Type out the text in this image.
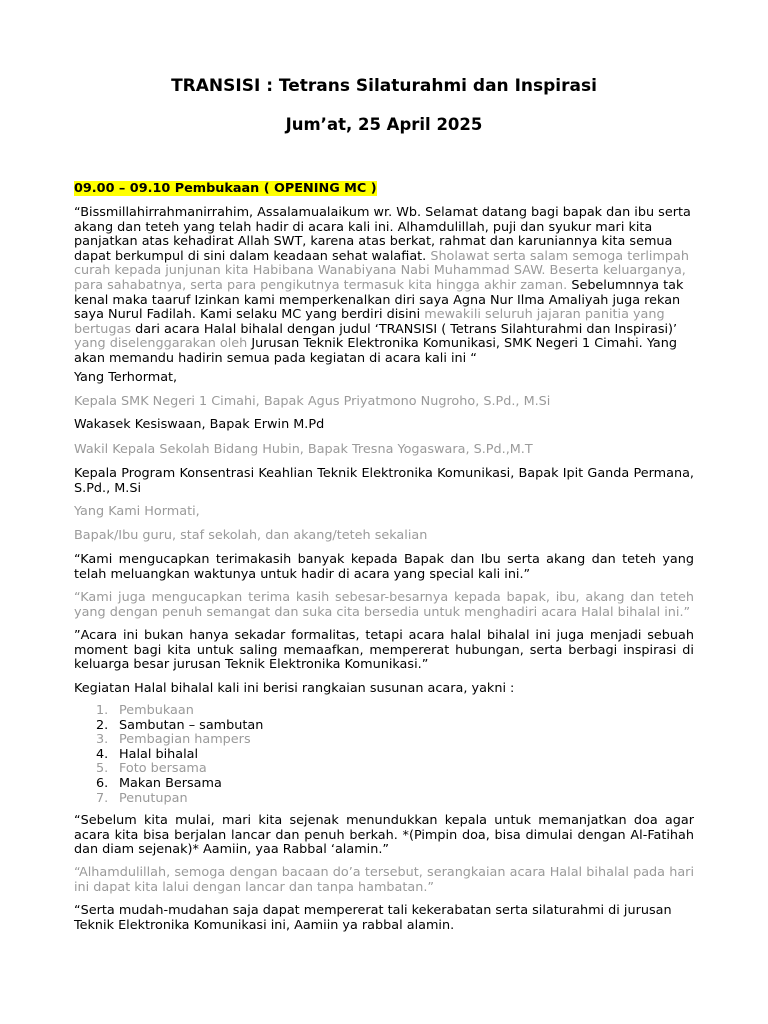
TRANSISI : Tetrans Silaturahmi dan Inspirasi
Jum’at, 25 April 2025
09.00 – 09.10 Pembukaan ( OPENING MC )
“Bissmillahirrahmanirrahim, Assalamualaikum wr. Wb. Selamat datang bagi bapak dan ibu serta akang dan teteh yang telah hadir di acara kali ini. Alhamdulillah, puji dan syukur mari kita panjatkan atas kehadirat Allah SWT, karena atas berkat, rahmat dan karuniannya kita semua dapat berkumpul di sini dalam keadaan sehat walafiat. Sholawat serta salam semoga terlimpah curah kepada junjunan kita Habibana Wanabiyana Nabi Muhammad SAW. Beserta keluarganya, para sahabatnya, serta para pengikutnya termasuk kita hingga akhir zaman. Sebelumnnya tak kenal maka taaruf Izinkan kami memperkenalkan diri saya Agna Nur Ilma Amaliyah juga rekan saya Nurul Fadilah. Kami selaku MC yang berdiri disini mewakili seluruh jajaran panitia yang bertugas dari acara Halal bihalal dengan judul ‘TRANSISI ( Tetrans Silahturahmi dan Inspirasi)’ yang diselenggarakan oleh Jurusan Teknik Elektronika Komunikasi, SMK Negeri 1 Cimahi. Yang akan memandu hadirin semua pada kegiatan di acara kali ini “
Yang Terhormat,
Kepala SMK Negeri 1 Cimahi, Bapak Agus Priyatmono Nugroho, S.Pd., M.Si
Wakasek Kesiswaan, Bapak Erwin M.Pd
Wakil Kepala Sekolah Bidang Hubin, Bapak Tresna Yogaswara, S.Pd.,M.T
Kepala Program Konsentrasi Keahlian Teknik Elektronika Komunikasi, Bapak Ipit Ganda Permana, S.Pd., M.Si
Yang Kami Hormati,
Bapak/Ibu guru, staf sekolah, dan akang/teteh sekalian
“Kami mengucapkan terimakasih banyak kepada Bapak dan Ibu serta akang dan teteh yang telah meluangkan waktunya untuk hadir di acara yang special kali ini.”
“Kami juga mengucapkan terima kasih sebesar-besarnya kepada bapak, ibu, akang dan teteh yang dengan penuh semangat dan suka cita bersedia untuk menghadiri acara Halal bihalal ini.”
”Acara ini bukan hanya sekadar formalitas, tetapi acara halal bihalal ini juga menjadi sebuah moment bagi kita untuk saling memaafkan, mempererat hubungan, serta berbagi inspirasi di keluarga besar jurusan Teknik Elektronika Komunikasi.”
Kegiatan Halal bihalal kali ini berisi rangkaian susunan acara, yakni :
1. Pembukaan
2. Sambutan – sambutan
3. Pembagian hampers
4. Halal bihalal
5. Foto bersama
6. Makan Bersama
7. Penutupan
“Sebelum kita mulai, mari kita sejenak menundukkan kepala untuk memanjatkan doa agar acara kita bisa berjalan lancar dan penuh berkah. *(Pimpin doa, bisa dimulai dengan Al-Fatihah dan diam sejenak)* Aamiin, yaa Rabbal ‘alamin.”
“Alhamdulillah, semoga dengan bacaan do’a tersebut, serangkaian acara Halal bihalal pada hari ini dapat kita lalui dengan lancar dan tanpa hambatan.”
“Serta mudah-mudahan saja dapat mempererat tali kekerabatan serta silaturahmi di jurusan Teknik Elektronika Komunikasi ini, Aamiin ya rabbal alamin.
